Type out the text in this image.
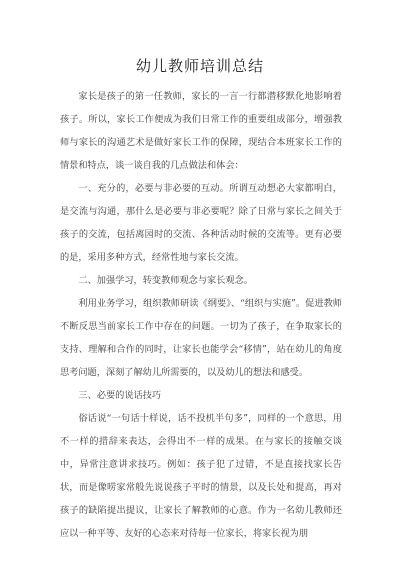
幼儿教师培训总结

家长是孩子的第一任教师，家长的一言一行都潜移默化地影响着孩子。所以，家长工作便成为我们日常工作的重要组成部分，增强教师与家长的沟通艺术是做好家长工作的保障，现结合本班家长工作的情景和特点，谈一谈自我的几点做法和体会：

一、充分的，必要与非必要的互动。所谓互动想必大家都明白，是交流与沟通，那什么是必要与非必要呢？除了日常与家长之间关于孩子的交流，包括离园时的交流、各种活动时候的交流等。更有必要的是，采用多种方式，经常性地与家长交流。

二、加强学习，转变教师观念与家长观念。

利用业务学习，组织教师研读《纲要》、“组织与实施”。促进教师不断反思当前家长工作中存在的问题。一切为了孩子，在争取家长的支持、理解和合作的同时，让家长也能学会“移情”，站在幼儿的角度思考问题，深刻了解幼儿所需要的，以及幼儿的想法和感受。

三、必要的说话技巧

俗话说“一句话十样说，话不投机半句多”，同样的一个意思，用不一样的措辞来表达，会得出不一样的成果。在与家长的接触交谈中，异常注意讲求技巧。例如：孩子犯了过错，不是直接找家长告状，而是像唠家常般先说说孩子平时的情景，以及长处和提高，再对孩子的缺陷提出提议，让家长了解教师的心意。作为一名幼儿教师还应以一种平等、友好的心态来对待每一位家长，将家长视为朋
